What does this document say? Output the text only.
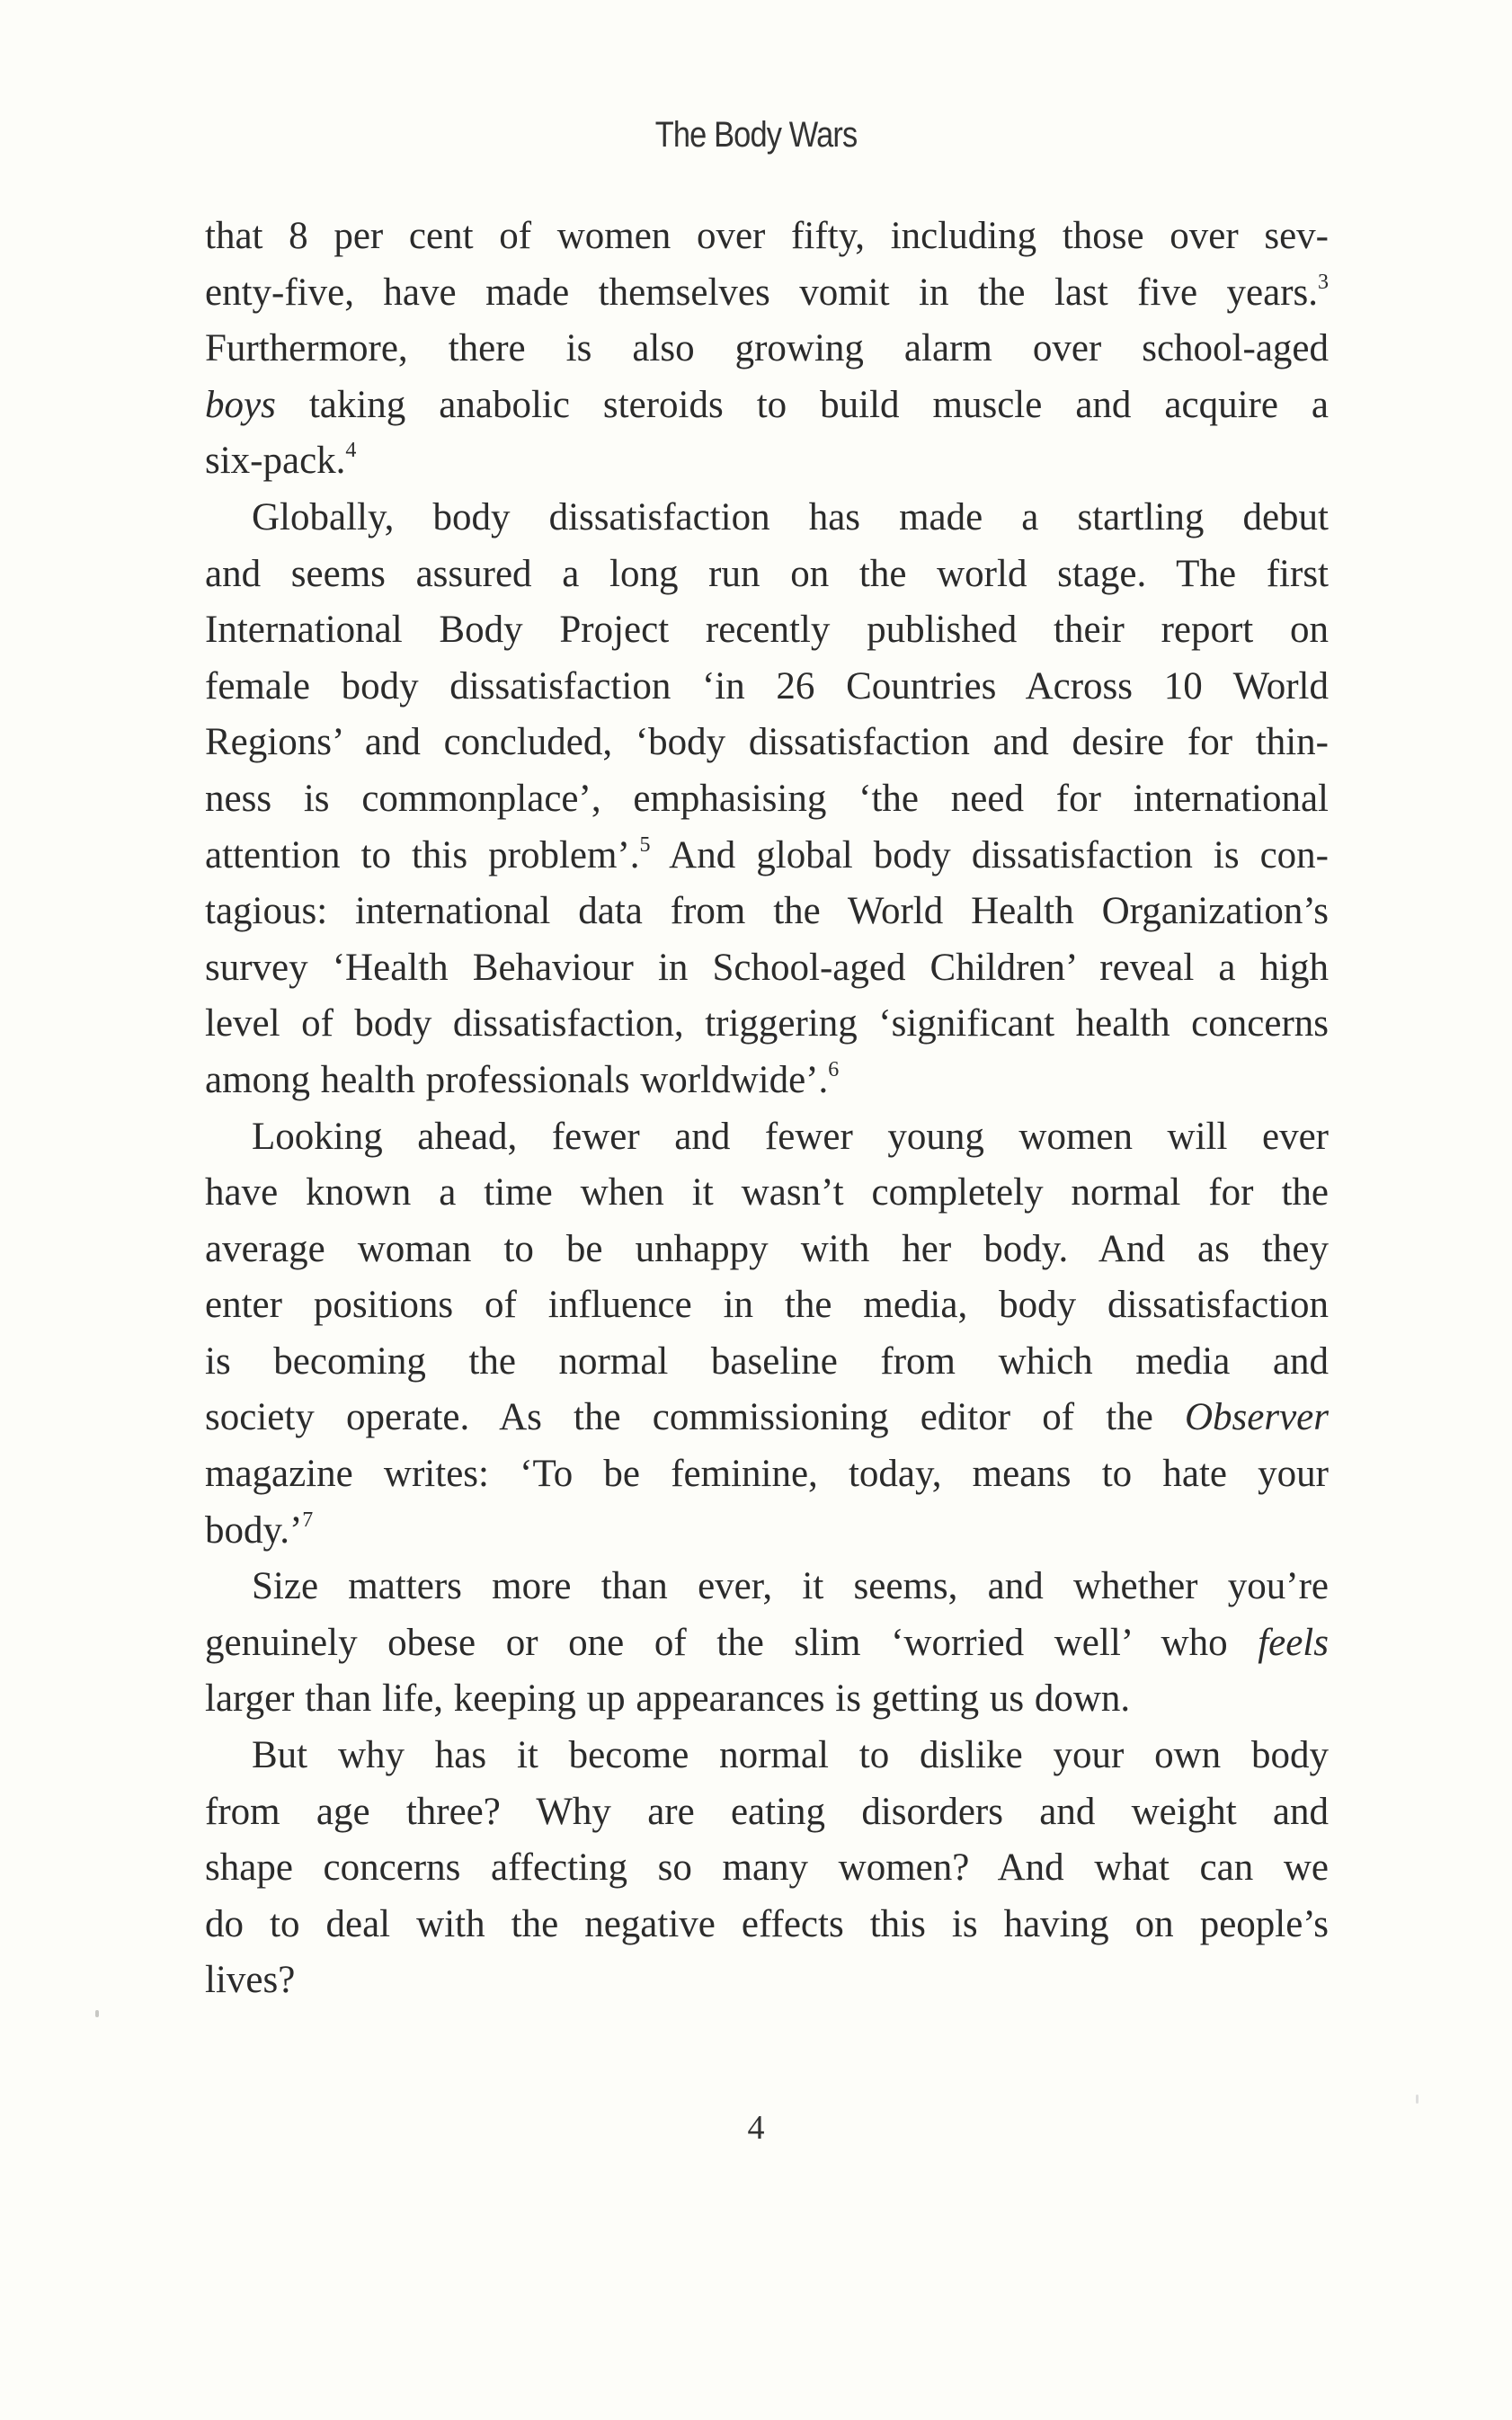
The Body Wars
that 8 per cent of women over fifty, including those over sev-
enty-five, have made themselves vomit in the last five years.$^3$
Furthermore, there is also growing alarm over school-aged
boys taking anabolic steroids to build muscle and acquire a
six-pack.$^4$
Globally, body dissatisfaction has made a startling debut
and seems assured a long run on the world stage. The first
International Body Project recently published their report on
female body dissatisfaction ‘in 26 Countries Across 10 World
Regions’ and concluded, ‘body dissatisfaction and desire for thin-
ness is commonplace’, emphasising ‘the need for international
attention to this problem’.$^5$ And global body dissatisfaction is con-
tagious: international data from the World Health Organization’s
survey ‘Health Behaviour in School-aged Children’ reveal a high
level of body dissatisfaction, triggering ‘significant health concerns
among health professionals worldwide’.$^6$
Looking ahead, fewer and fewer young women will ever
have known a time when it wasn’t completely normal for the
average woman to be unhappy with her body. And as they
enter positions of influence in the media, body dissatisfaction
is becoming the normal baseline from which media and
society operate. As the commissioning editor of the Observer
magazine writes: ‘To be feminine, today, means to hate your
body.’$^7$
Size matters more than ever, it seems, and whether you’re
genuinely obese or one of the slim ‘worried well’ who feels
larger than life, keeping up appearances is getting us down.
But why has it become normal to dislike your own body
from age three? Why are eating disorders and weight and
shape concerns affecting so many women? And what can we
do to deal with the negative effects this is having on people’s
lives?
4
